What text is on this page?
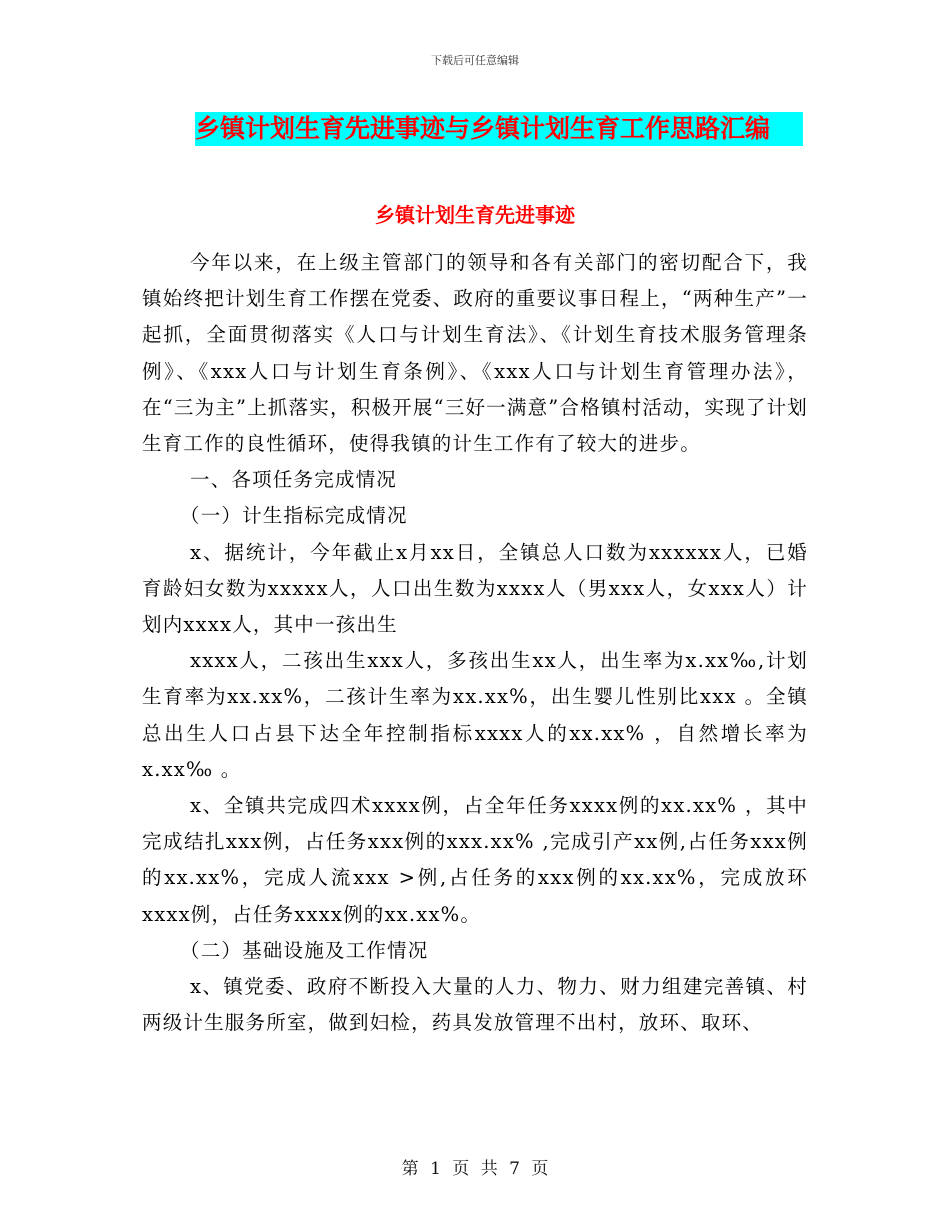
下载后可任意编辑
乡镇计划生育先进事迹与乡镇计划生育工作思路汇编
乡镇计划生育先进事迹

今年以来，在上级主管部门的领导和各有关部门的密切配合下，我镇始终把计划生育工作摆在党委、政府的重要议事日程上，“两种生产”一起抓，全面贯彻落实《人口与计划生育法》、《计划生育技术服务管理条例》、《xxx人口与计划生育条例》、《xxx人口与计划生育管理办法》，在“三为主”上抓落实，积极开展“三好一满意”合格镇村活动，实现了计划生育工作的良性循环，使得我镇的计生工作有了较大的进步。

一、各项任务完成情况

（一）计生指标完成情况

x、据统计，今年截止x月xx日，全镇总人口数为xxxxxx人，已婚育龄妇女数为xxxxx人，人口出生数为xxxx人（男xxx人，女xxx人）计划内xxxx人，其中一孩出生

xxxx人，二孩出生xxx人，多孩出生xx人，出生率为x.xx‰,计划生育率为xx.xx%，二孩计生率为xx.xx%，出生婴儿性别比xxx 。全镇总出生人口占县下达全年控制指标xxxx人的xx.xx% ，自然增长率为x.xx‰ 。

x、全镇共完成四术xxxx例，占全年任务xxxx例的xx.xx% ，其中完成结扎xxx例，占任务xxx例的xxx.xx% ,完成引产xx例,占任务xxx例的xx.xx%，完成人流xxx >例,占任务的xxx例的xx.xx%，完成放环xxxx例，占任务xxxx例的xx.xx%。

（二）基础设施及工作情况

x、镇党委、政府不断投入大量的人力、物力、财力组建完善镇、村两级计生服务所室，做到妇检，药具发放管理不出村，放环、取环、

第 1 页 共 7 页
